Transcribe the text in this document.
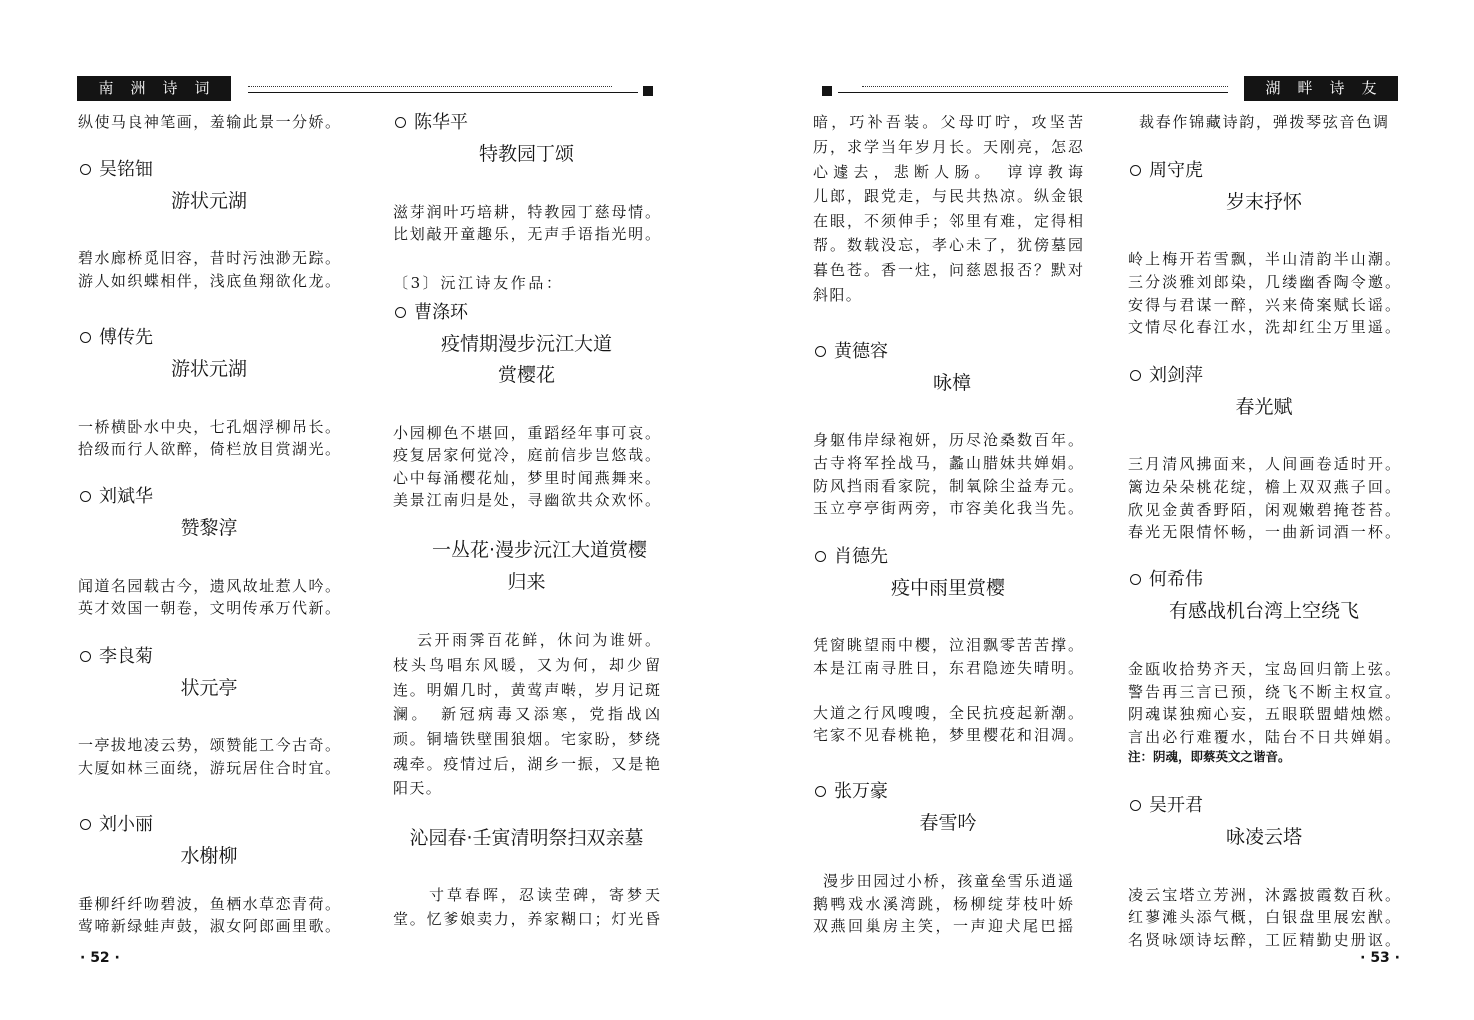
南洲诗词
纵使马良神笔画，羞输此景一分娇。
吴铭钿
游状元湖
碧水廊桥觅旧容，昔时污浊渺无踪。
游人如织蝶相伴，浅底鱼翔欲化龙。
傅传先
游状元湖
一桥横卧水中央，七孔烟浮柳吊长。
拾级而行人欲醉，倚栏放目赏湖光。
刘斌华
赞黎淳
闻道名园载古今，遗风故址惹人吟。
英才效国一朝卷，文明传承万代新。
李良菊
状元亭
一亭拔地凌云势，颂赞能工今古奇。
大厦如林三面绕，游玩居住合时宜。
刘小丽
水榭柳
垂柳纤纤吻碧波，鱼栖水草恋青荷。
莺啼新绿蛙声鼓，淑女阿郎画里歌。
陈华平
特教园丁颂
滋芽润叶巧培耕，特教园丁慈母情。
比划敲开童趣乐，无声手语指光明。
〔3〕沅江诗友作品：
曹涤环
疫情期漫步沅江大道
赏樱花
小园柳色不堪回，重蹈经年事可哀。
疫复居家何觉冷，庭前信步岂悠哉。
心中每涌樱花灿，梦里时闻燕舞来。
美景江南归是处，寻幽欲共众欢怀。
一丛花·漫步沅江大道赏樱
归来
云开雨霁百花鲜，休问为谁妍。
枝头鸟唱东风暖，又为何，却少留
连。明媚几时，黄莺声啭，岁月记斑
澜。　新冠病毒又添寒，党指战凶
顽。铜墙铁壁围狼烟。宅家盼，梦绕
魂牵。疫情过后，湖乡一振，又是艳
阳天。
沁园春·壬寅清明祭扫双亲墓
寸草春晖，忍读茔碑，寄梦天
堂。忆爹娘卖力，养家糊口；灯光昏
· 52 ·
湖畔诗友
暗，巧补吾装。父母叮咛，攻坚苦
历，求学当年岁月长。天刚亮，怎忍
心遽去，悲断人肠。　谆谆教诲
儿郎，跟党走，与民共热凉。纵金银
在眼，不须伸手；邻里有难，定得相
帮。数载没忘，孝心未了，犹傍墓园
暮色苍。香一炷，问慈恩报否？默对
斜阳。
黄德容
咏樟
身躯伟岸绿袍妍，历尽沧桑数百年。
古寺将军拴战马，蠡山腊妹共婵娟。
防风挡雨看家院，制氧除尘益寿元。
玉立亭亭街两旁，市容美化我当先。
肖德先
疫中雨里赏樱
凭窗眺望雨中樱，泣泪飘零苦苦撑。
本是江南寻胜日，东君隐迹失晴明。
大道之行风嗖嗖，全民抗疫起新潮。
宅家不见春桃艳，梦里樱花和泪凋。
张万豪
春雪吟
漫步田园过小桥，孩童垒雪乐逍遥
鹅鸭戏水溪湾跳，杨柳绽芽枝叶娇
双燕回巢房主笑，一声迎犬尾巴摇
裁春作锦藏诗韵，弹拨琴弦音色调
周守虎
岁末抒怀
岭上梅开若雪飘，半山清韵半山潮。
三分淡雅刘郎染，几缕幽香陶令邀。
安得与君谋一醉，兴来倚案赋长谣。
文情尽化春江水，洗却红尘万里遥。
刘剑萍
春光赋
三月清风拂面来，人间画卷适时开。
篱边朵朵桃花绽，檐上双双燕子回。
欣见金黄香野陌，闲观嫩碧掩苍苔。
春光无限情怀畅，一曲新词酒一杯。
何希伟
有感战机台湾上空绕飞
金瓯收拾势齐天，宝岛回归箭上弦。
警告再三言已预，绕飞不断主权宣。
阴魂谋独痴心妄，五眼联盟蜡烛燃。
言出必行难覆水，陆台不日共婵娟。
注：阴魂，即蔡英文之谐音。
吴开君
咏凌云塔
凌云宝塔立芳洲，沐露披霞数百秋。
红蓼滩头添气概，白银盘里展宏猷。
名贤咏颂诗坛醉，工匠精勤史册讴。
· 53 ·
